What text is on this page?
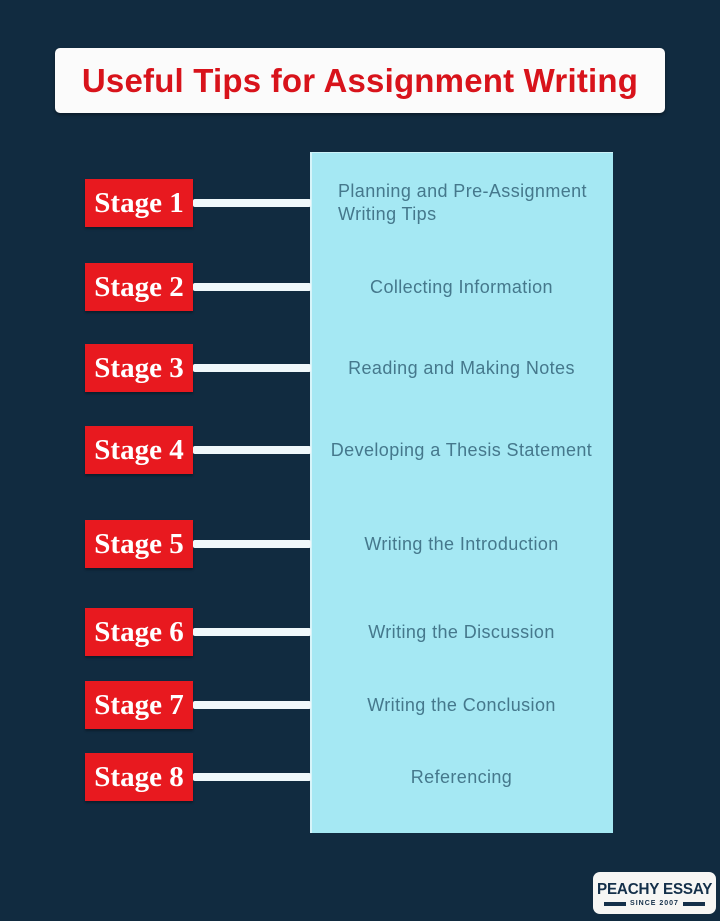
Useful Tips for Assignment Writing
Stage 1	Planning and Pre-Assignment Writing Tips
Stage 2	Collecting Information
Stage 3	Reading and Making Notes
Stage 4	Developing a Thesis Statement
Stage 5	Writing the Introduction
Stage 6	Writing the Discussion
Stage 7	Writing the Conclusion
Stage 8	Referencing
PEACHY ESSAY
SINCE 2007
